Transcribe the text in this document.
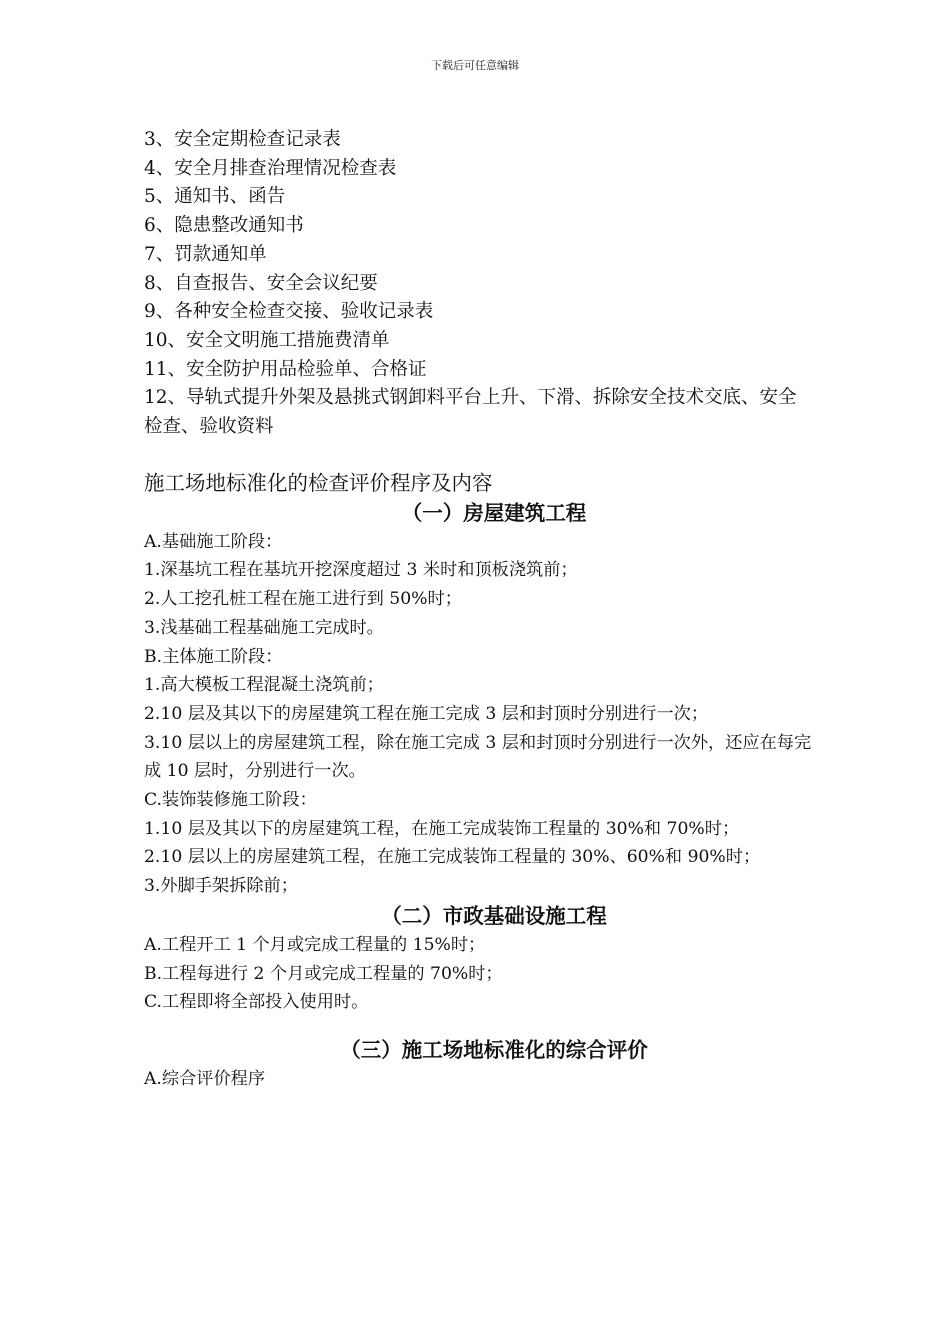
下载后可任意编辑
3、安全定期检查记录表
4、安全月排查治理情况检查表
5、通知书、函告
6、隐患整改通知书
7、罚款通知单
8、自查报告、安全会议纪要
9、各种安全检查交接、验收记录表
10、安全文明施工措施费清单
11、安全防护用品检验单、合格证
12、导轨式提升外架及悬挑式钢卸料平台上升、下滑、拆除安全技术交底、安全检查、验收资料
施工场地标准化的检查评价程序及内容
（一）房屋建筑工程
A.基础施工阶段：
1.深基坑工程在基坑开挖深度超过 3 米时和顶板浇筑前；
2.人工挖孔桩工程在施工进行到 50%时；
3.浅基础工程基础施工完成时。
B.主体施工阶段：
1.高大模板工程混凝土浇筑前；
2.10 层及其以下的房屋建筑工程在施工完成 3 层和封顶时分别进行一次；
3.10 层以上的房屋建筑工程，除在施工完成 3 层和封顶时分别进行一次外，还应在每完成 10 层时，分别进行一次。
C.装饰装修施工阶段：
1.10 层及其以下的房屋建筑工程，在施工完成装饰工程量的 30%和 70%时；
2.10 层以上的房屋建筑工程，在施工完成装饰工程量的 30%、60%和 90%时；
3.外脚手架拆除前；
（二）市政基础设施工程
A.工程开工 1 个月或完成工程量的 15%时；
B.工程每进行 2 个月或完成工程量的 70%时；
C.工程即将全部投入使用时。
（三）施工场地标准化的综合评价
A.综合评价程序
